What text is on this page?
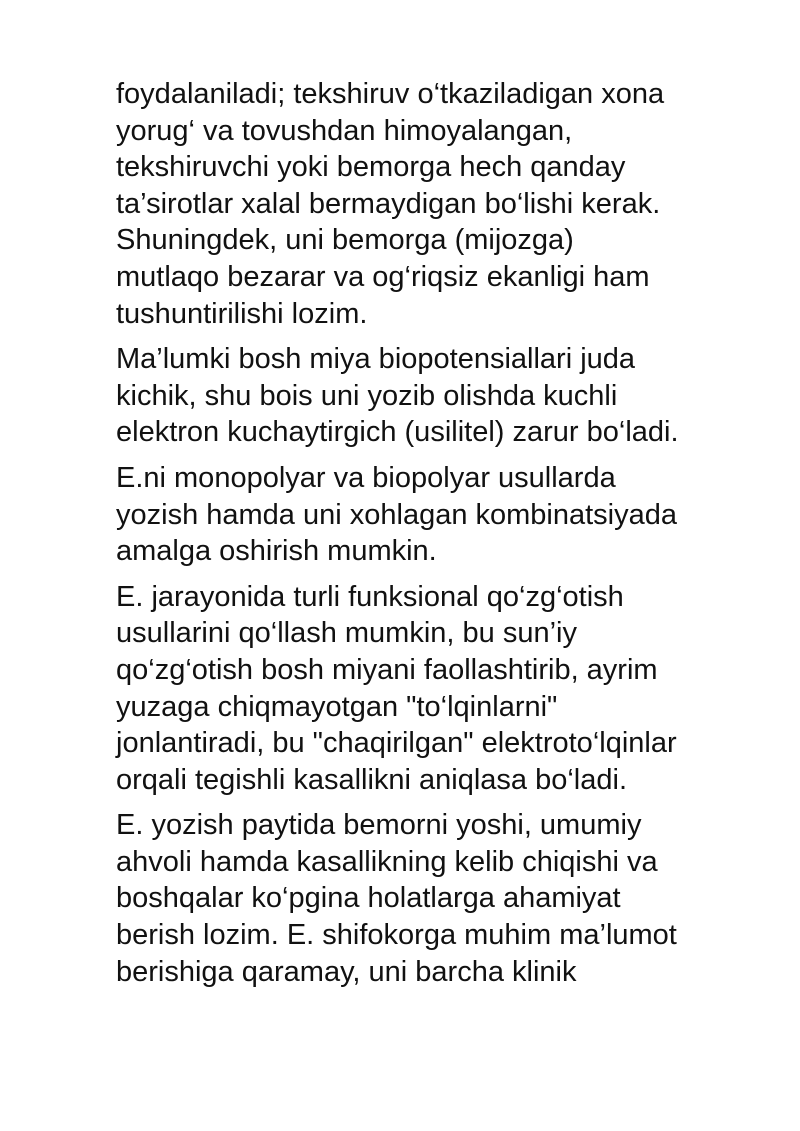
foydalaniladi; tekshiruv o‘tkaziladigan xona
yorug‘ va tovushdan himoyalangan,
tekshiruvchi yoki bemorga hech qanday
ta’sirotlar xalal bermaydigan bo‘lishi kerak.
Shuningdek, uni bemorga (mijozga)
mutlaqo bezarar va og‘riqsiz ekanligi ham
tushuntirilishi lozim.

Ma’lumki bosh miya biopotensiallari juda
kichik, shu bois uni yozib olishda kuchli
elektron kuchaytirgich (usilitel) zarur bo‘ladi.

E.ni monopolyar va biopolyar usullarda
yozish hamda uni xohlagan kombinatsiyada
amalga oshirish mumkin.

E. jarayonida turli funksional qo‘zg‘otish
usullarini qo‘llash mumkin, bu sun’iy
qo‘zg‘otish bosh miyani faollashtirib, ayrim
yuzaga chiqmayotgan "to‘lqinlarni"
jonlantiradi, bu "chaqirilgan" elektroto‘lqinlar
orqali tegishli kasallikni aniqlasa bo‘ladi.

E. yozish paytida bemorni yoshi, umumiy
ahvoli hamda kasallikning kelib chiqishi va
boshqalar ko‘pgina holatlarga ahamiyat
berish lozim. E. shifokorga muhim ma’lumot
berishiga qaramay, uni barcha klinik
